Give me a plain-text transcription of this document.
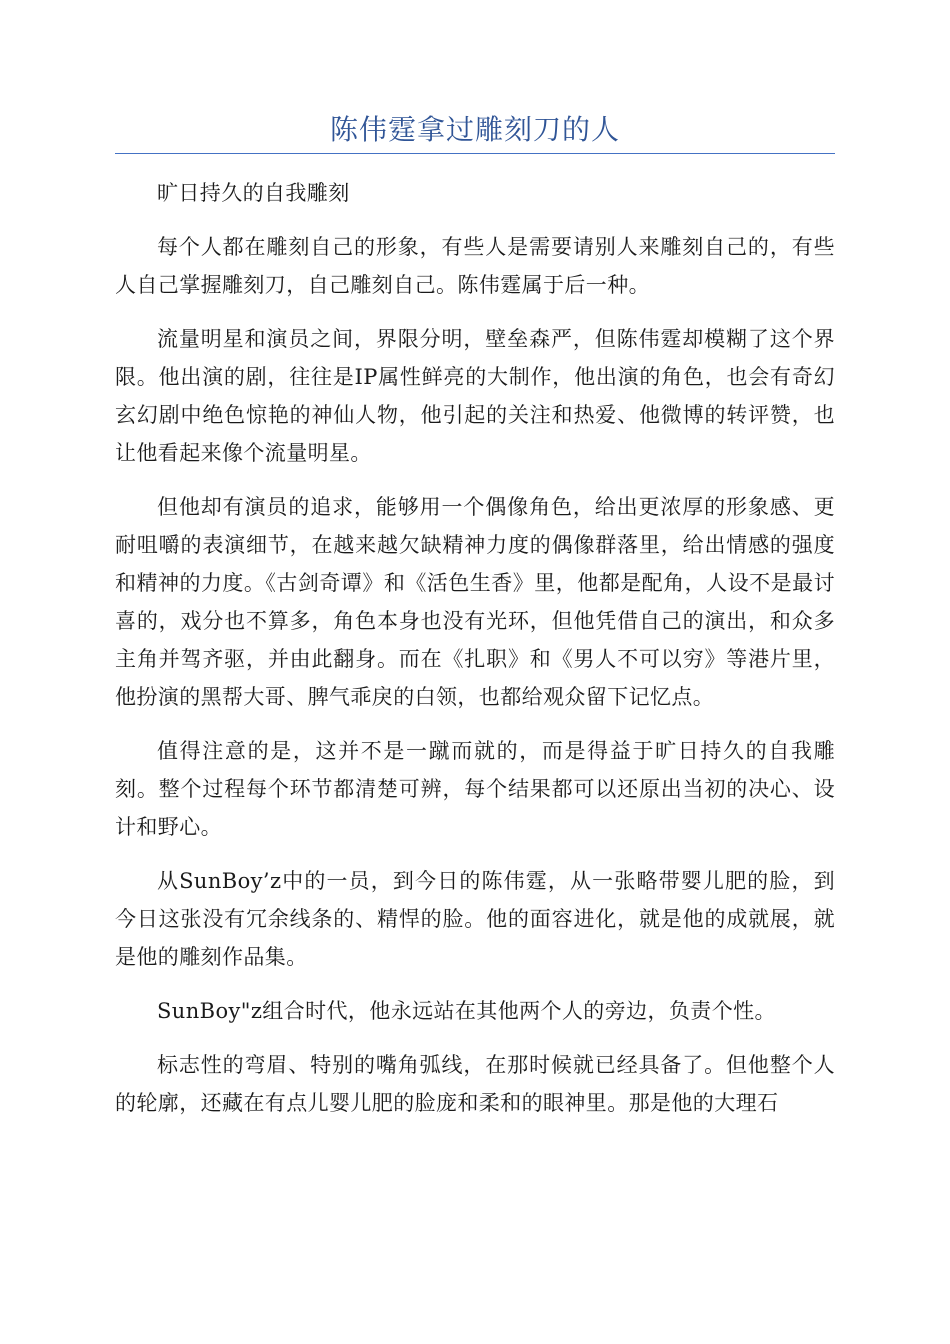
陈伟霆拿过雕刻刀的人

旷日持久的自我雕刻

每个人都在雕刻自己的形象，有些人是需要请别人来雕刻自己的，有些人自己掌握雕刻刀，自己雕刻自己。陈伟霆属于后一种。

流量明星和演员之间，界限分明，壁垒森严，但陈伟霆却模糊了这个界限。他出演的剧，往往是IP属性鲜亮的大制作，他出演的角色，也会有奇幻玄幻剧中绝色惊艳的神仙人物，他引起的关注和热爱、他微博的转评赞，也让他看起来像个流量明星。

但他却有演员的追求，能够用一个偶像角色，给出更浓厚的形象感、更耐咀嚼的表演细节，在越来越欠缺精神力度的偶像群落里，给出情感的强度和精神的力度。《古剑奇谭》和《活色生香》里，他都是配角，人设不是最讨喜的，戏分也不算多，角色本身也没有光环，但他凭借自己的演出，和众多主角并驾齐驱，并由此翻身。而在《扎职》和《男人不可以穷》等港片里，他扮演的黑帮大哥、脾气乖戾的白领，也都给观众留下记忆点。

值得注意的是，这并不是一蹴而就的，而是得益于旷日持久的自我雕刻。整个过程每个环节都清楚可辨，每个结果都可以还原出当初的决心、设计和野心。

从SunBoy’z中的一员，到今日的陈伟霆，从一张略带婴儿肥的脸，到今日这张没有冗余线条的、精悍的脸。他的面容进化，就是他的成就展，就是他的雕刻作品集。

SunBoy"z组合时代，他永远站在其他两个人的旁边，负责个性。

标志性的弯眉、特别的嘴角弧线，在那时候就已经具备了。但他整个人的轮廓，还藏在有点儿婴儿肥的脸庞和柔和的眼神里。那是他的大理石
